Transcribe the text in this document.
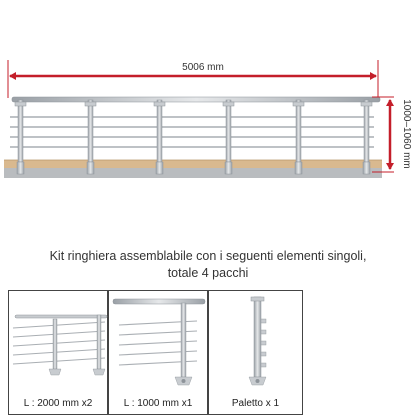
5006 mm
1000–1060 mm
Kit ringhiera assemblabile con i seguenti elementi singoli,
totale 4 pacchi
L : 2000 mm x2	L : 1000 mm x1	Paletto x 1
